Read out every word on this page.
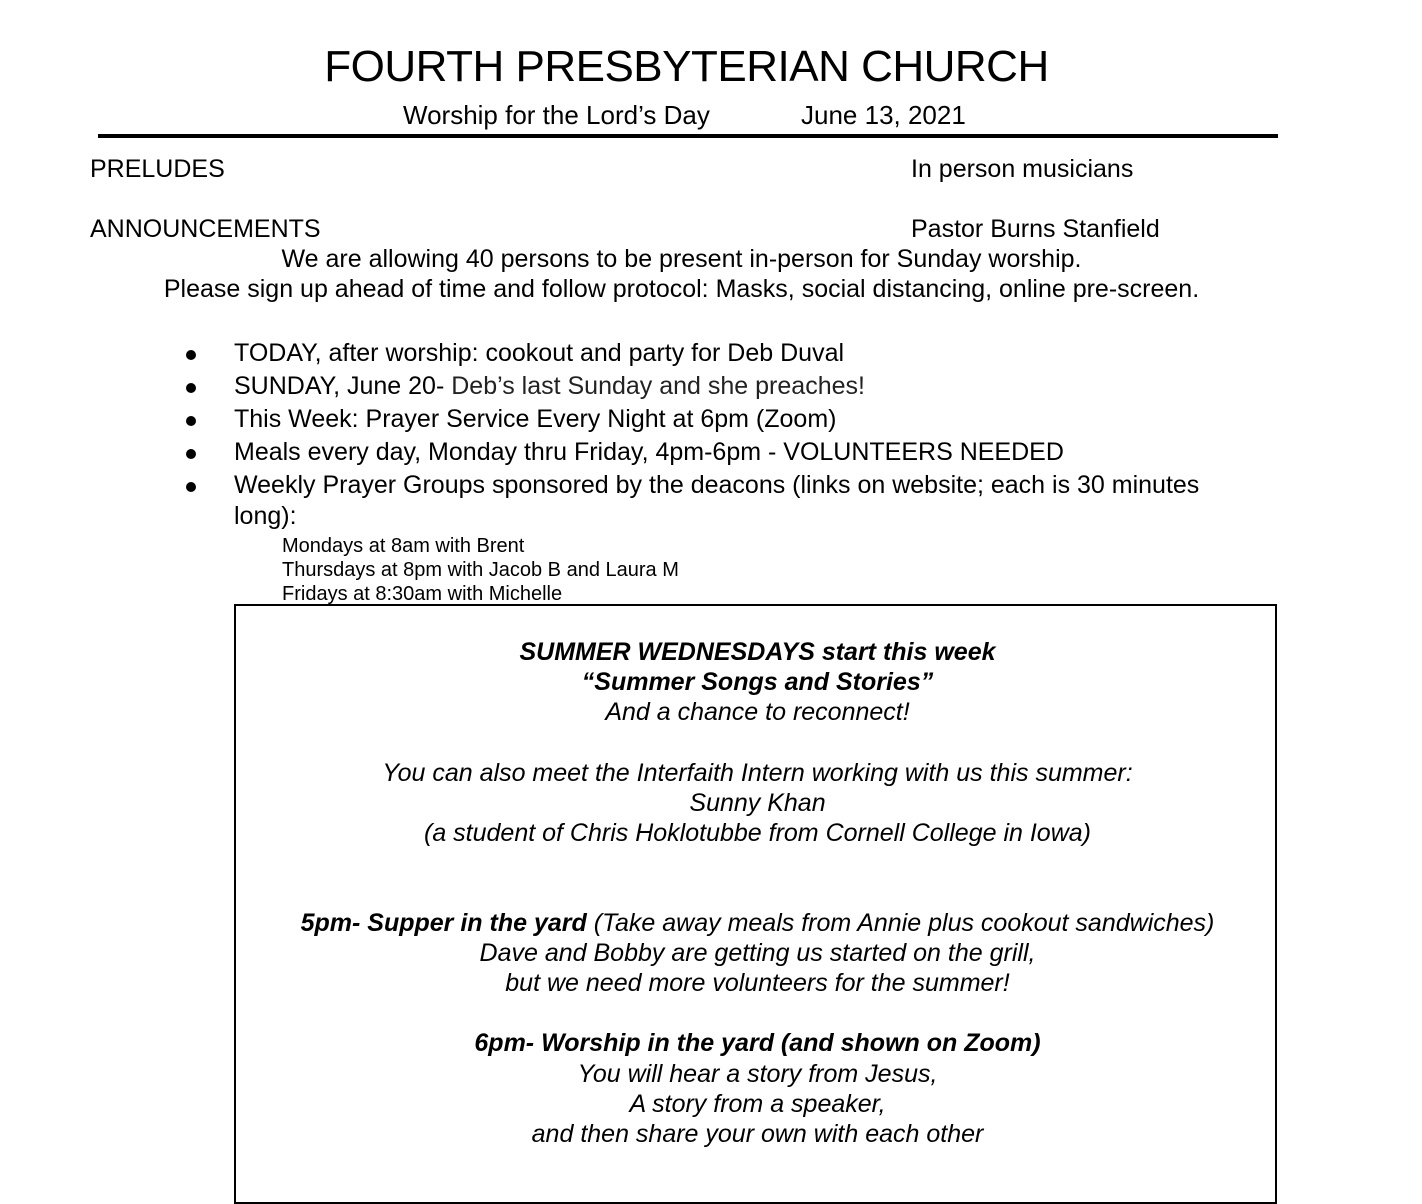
FOURTH PRESBYTERIAN CHURCH
Worship for the Lord’s Day	June 13, 2021
PRELUDES	In person musicians
ANNOUNCEMENTS	Pastor Burns Stanfield
We are allowing 40 persons to be present in-person for Sunday worship.
Please sign up ahead of time and follow protocol: Masks, social distancing, online pre-screen.
TODAY, after worship: cookout and party for Deb Duval
SUNDAY, June 20- Deb’s last Sunday and she preaches!
This Week: Prayer Service Every Night at 6pm (Zoom)
Meals every day, Monday thru Friday, 4pm-6pm - VOLUNTEERS NEEDED
Weekly Prayer Groups sponsored by the deacons (links on website; each is 30 minutes long):
Mondays at 8am with Brent
Thursdays at 8pm with Jacob B and Laura M
Fridays at 8:30am with Michelle
SUMMER WEDNESDAYS start this week
“Summer Songs and Stories”
And a chance to reconnect!
You can also meet the Interfaith Intern working with us this summer:
Sunny Khan
(a student of Chris Hoklotubbe from Cornell College in Iowa)
5pm- Supper in the yard (Take away meals from Annie plus cookout sandwiches)
Dave and Bobby are getting us started on the grill,
but we need more volunteers for the summer!
6pm- Worship in the yard (and shown on Zoom)
You will hear a story from Jesus,
A story from a speaker,
and then share your own with each other
